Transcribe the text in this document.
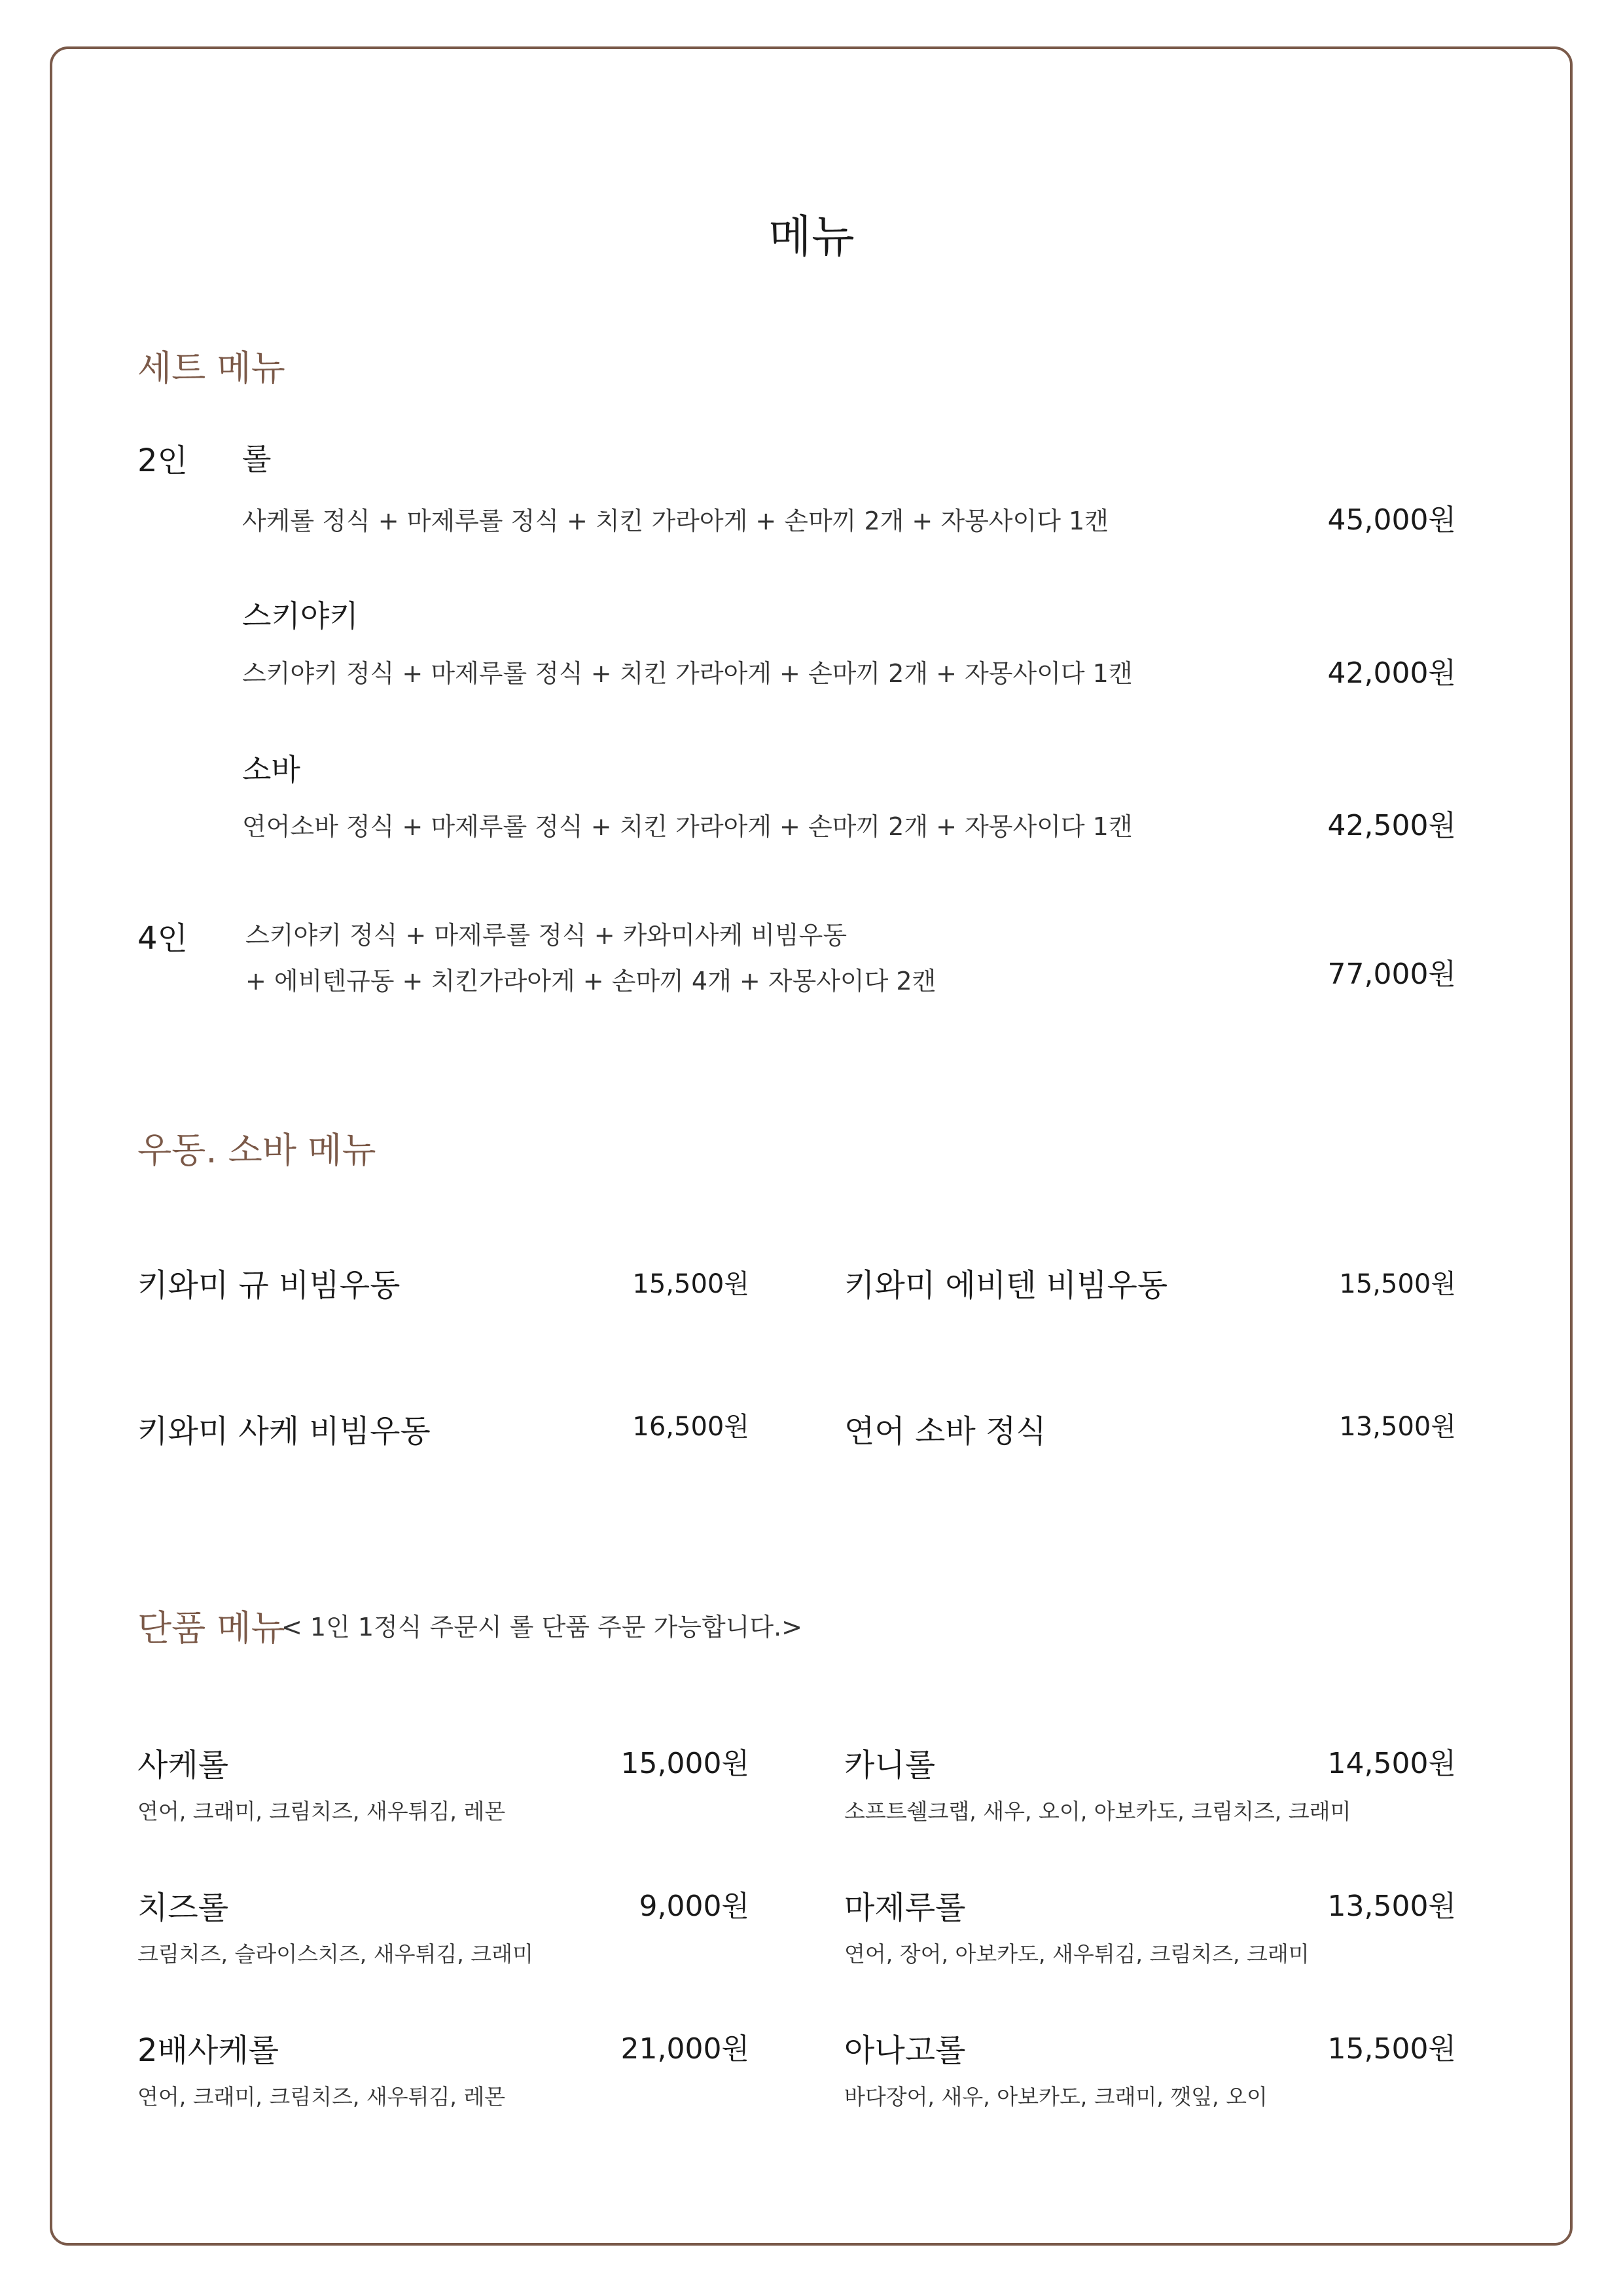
메뉴
세트 메뉴
2인 롤
사케롤 정식 + 마제루롤 정식 + 치킨 가라아게 + 손마끼 2개 + 자몽사이다 1캔	45,000원
스키야키
스키야키 정식 + 마제루롤 정식 + 치킨 가라아게 + 손마끼 2개 + 자몽사이다 1캔	42,000원
소바
연어소바 정식 + 마제루롤 정식 + 치킨 가라아게 + 손마끼 2개 + 자몽사이다 1캔	42,500원
4인 스키야키 정식 + 마제루롤 정식 + 카와미사케 비빔우동
+ 에비텐규동 + 치킨가라아게 + 손마끼 4개 + 자몽사이다 2캔	77,000원
우동. 소바 메뉴
키와미 규 비빔우동	15,500원	키와미 에비텐 비빔우동	15,500원
키와미 사케 비빔우동	16,500원	연어 소바 정식	13,500원
단품 메뉴
< 1인 1정식 주문시 롤 단품 주문 가능합니다.>
사케롤	15,000원
연어, 크래미, 크림치즈, 새우튀김, 레몬
카니롤	14,500원
소프트쉘크랩, 새우, 오이, 아보카도, 크림치즈, 크래미
치즈롤	9,000원
크림치즈, 슬라이스치즈, 새우튀김, 크래미
마제루롤	13,500원
연어, 장어, 아보카도, 새우튀김, 크림치즈, 크래미
2배사케롤	21,000원
연어, 크래미, 크림치즈, 새우튀김, 레몬
아나고롤	15,500원
바다장어, 새우, 아보카도, 크래미, 깻잎, 오이
